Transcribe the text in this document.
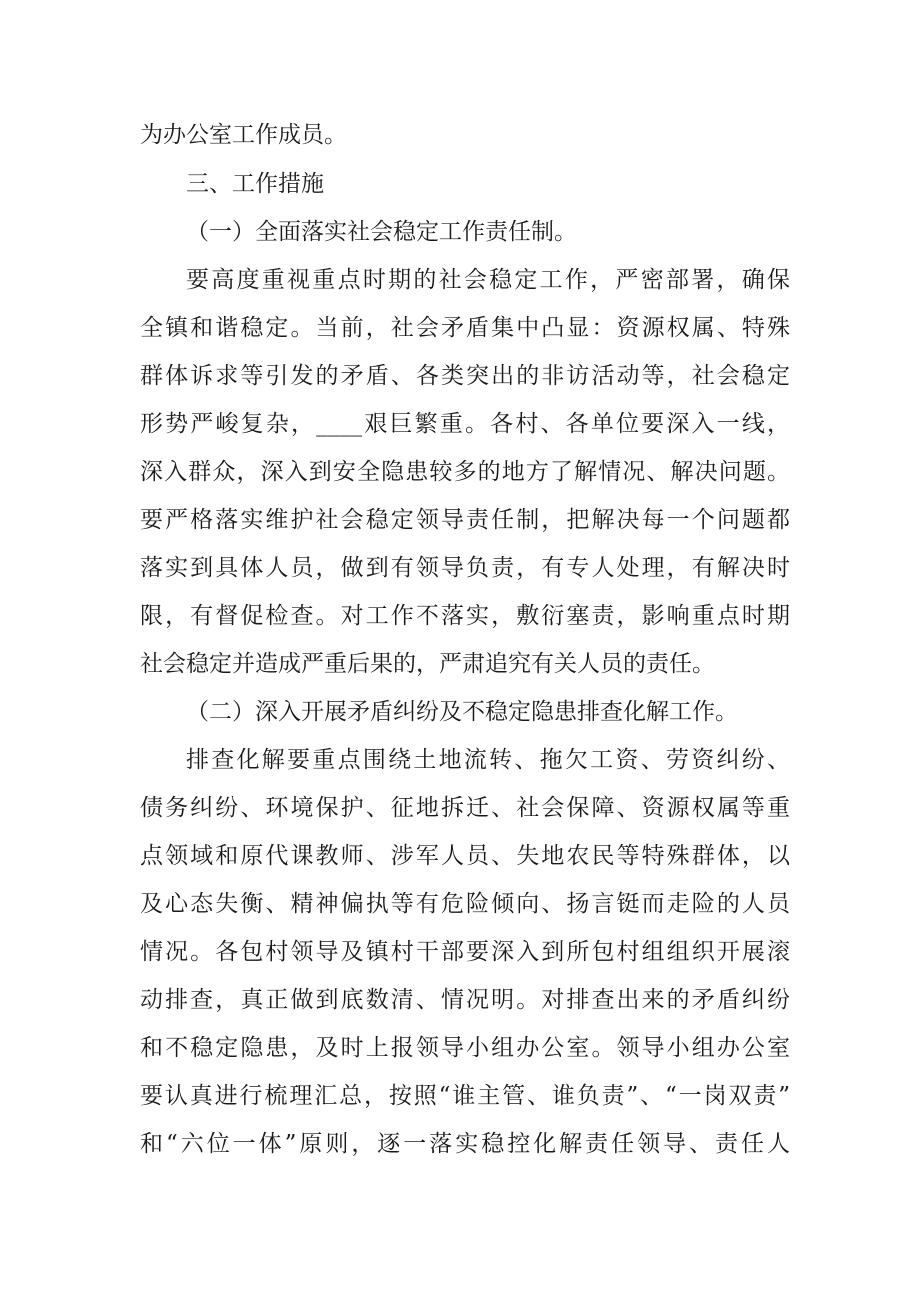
为办公室工作成员。
三、工作措施
（一）全面落实社会稳定工作责任制。
要高度重视重点时期的社会稳定工作，严密部署，确保
全镇和谐稳定。当前，社会矛盾集中凸显：资源权属、特殊
群体诉求等引发的矛盾、各类突出的非访活动等，社会稳定
形势严峻复杂，____艰巨繁重。各村、各单位要深入一线，
深入群众，深入到安全隐患较多的地方了解情况、解决问题。
要严格落实维护社会稳定领导责任制，把解决每一个问题都
落实到具体人员，做到有领导负责，有专人处理，有解决时
限，有督促检查。对工作不落实，敷衍塞责，影响重点时期
社会稳定并造成严重后果的，严肃追究有关人员的责任。
（二）深入开展矛盾纠纷及不稳定隐患排查化解工作。
排查化解要重点围绕土地流转、拖欠工资、劳资纠纷、
债务纠纷、环境保护、征地拆迁、社会保障、资源权属等重
点领域和原代课教师、涉军人员、失地农民等特殊群体，以
及心态失衡、精神偏执等有危险倾向、扬言铤而走险的人员
情况。各包村领导及镇村干部要深入到所包村组组织开展滚
动排查，真正做到底数清、情况明。对排查出来的矛盾纠纷
和不稳定隐患，及时上报领导小组办公室。领导小组办公室
要认真进行梳理汇总，按照“谁主管、谁负责”、“一岗双责”
和“六位一体”原则，逐一落实稳控化解责任领导、责任人
